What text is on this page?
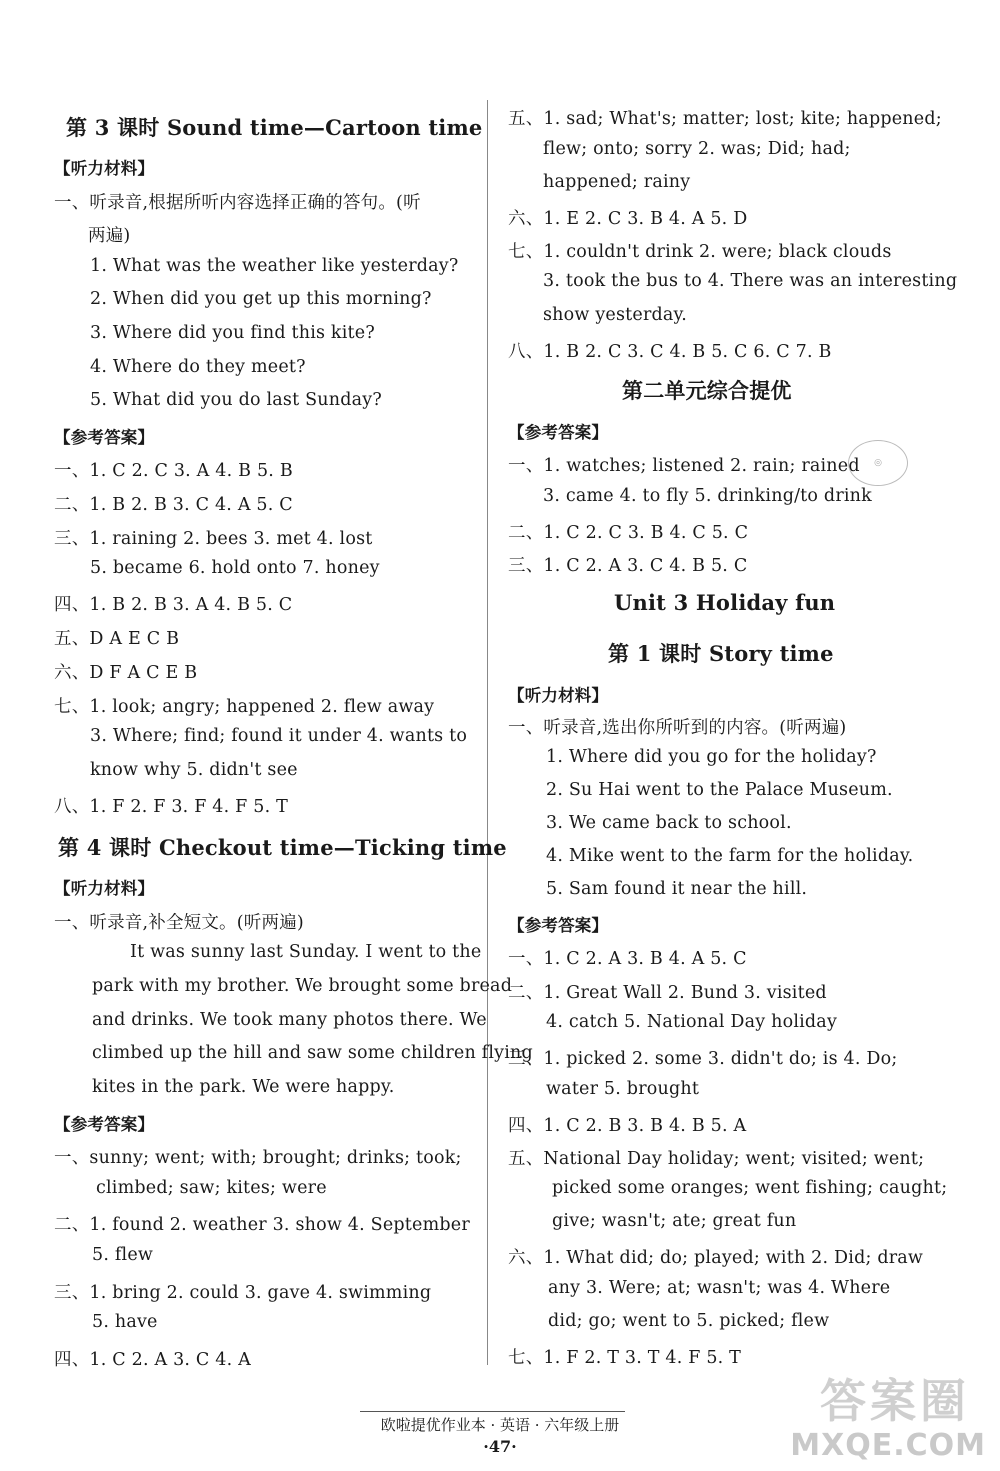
第 3 课时 Sound time—Cartoon time
【听力材料】
一、听录音,根据所听内容选择正确的答句。(听
两遍)
1. What was the weather like yesterday?
2. When did you get up this morning?
3. Where did you find this kite?
4. Where do they meet?
5. What did you do last Sunday?
【参考答案】
一、1. C 2. C 3. A 4. B 5. B
二、1. B 2. B 3. C 4. A 5. C
三、1. raining 2. bees 3. met 4. lost
5. became 6. hold onto 7. honey
四、1. B 2. B 3. A 4. B 5. C
五、D A E C B
六、D F A C E B
七、1. look; angry; happened 2. flew away
3. Where; find; found it under 4. wants to
know why 5. didn't see
八、1. F 2. F 3. F 4. F 5. T
第 4 课时 Checkout time—Ticking time
【听力材料】
一、听录音,补全短文。(听两遍)
It was sunny last Sunday. I went to the
park with my brother. We brought some bread
and drinks. We took many photos there. We
climbed up the hill and saw some children flying
kites in the park. We were happy.
【参考答案】
一、sunny; went; with; brought; drinks; took;
climbed; saw; kites; were
二、1. found 2. weather 3. show 4. September
5. flew
三、1. bring 2. could 3. gave 4. swimming
5. have
四、1. C 2. A 3. C 4. A
五、1. sad; What's; matter; lost; kite; happened;
flew; onto; sorry 2. was; Did; had;
happened; rainy
六、1. E 2. C 3. B 4. A 5. D
七、1. couldn't drink 2. were; black clouds
3. took the bus to 4. There was an interesting
show yesterday.
八、1. B 2. C 3. C 4. B 5. C 6. C 7. B
第二单元综合提优
【参考答案】
一、1. watches; listened 2. rain; rained
3. came 4. to fly 5. drinking/to drink
二、1. C 2. C 3. B 4. C 5. C
三、1. C 2. A 3. C 4. B 5. C
Unit 3 Holiday fun
第 1 课时 Story time
【听力材料】
一、听录音,选出你所听到的内容。(听两遍)
1. Where did you go for the holiday?
2. Su Hai went to the Palace Museum.
3. We came back to school.
4. Mike went to the farm for the holiday.
5. Sam found it near the hill.
【参考答案】
一、1. C 2. A 3. B 4. A 5. C
二、1. Great Wall 2. Bund 3. visited
4. catch 5. National Day holiday
三、1. picked 2. some 3. didn't do; is 4. Do;
water 5. brought
四、1. C 2. B 3. B 4. B 5. A
五、National Day holiday; went; visited; went;
picked some oranges; went fishing; caught;
give; wasn't; ate; great fun
六、1. What did; do; played; with 2. Did; draw
any 3. Were; at; wasn't; was 4. Where
did; go; went to 5. picked; flew
七、1. F 2. T 3. T 4. F 5. T
◎
欧啦提优作业本 · 英语 · 六年级上册
·47·
答案圈
MXQE.COM
